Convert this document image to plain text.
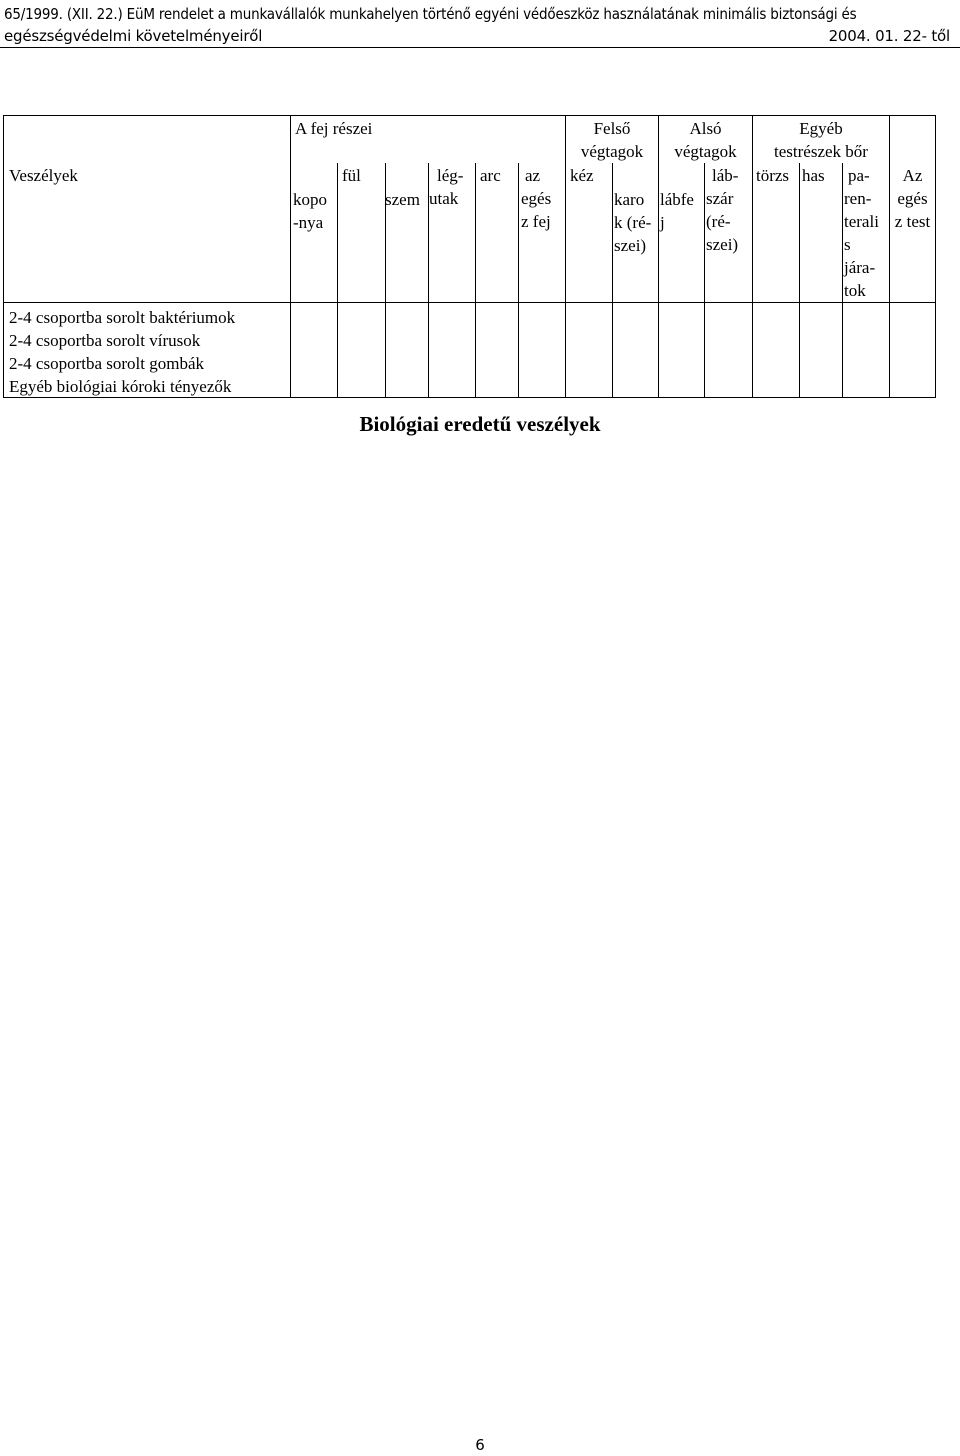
65/1999. (XII. 22.) EüM rendelet a munkavállalók munkahelyen történő egyéni védőeszköz használatának minimális biztonsági és
egészségvédelmi követelményeiről	2004. 01. 22- től
Veszélyek
A fej részei	Felső
végtagok
Alsó
végtagok
Egyéb
testrészek bőr
kopo
-nya
fül
szem
lég-
utak
arc az
egés
z fej
kéz
karo
k (ré-
szei)
lábfe
j
láb-
szár
(ré-
szei)
törzs has pa-
ren-
terali
s
jára-
tok
Az
egés
z test
2-4 csoportba sorolt baktériumok
2-4 csoportba sorolt vírusok
2-4 csoportba sorolt gombák
Egyéb biológiai kóroki tényezők
Biológiai eredetű veszélyek
6
